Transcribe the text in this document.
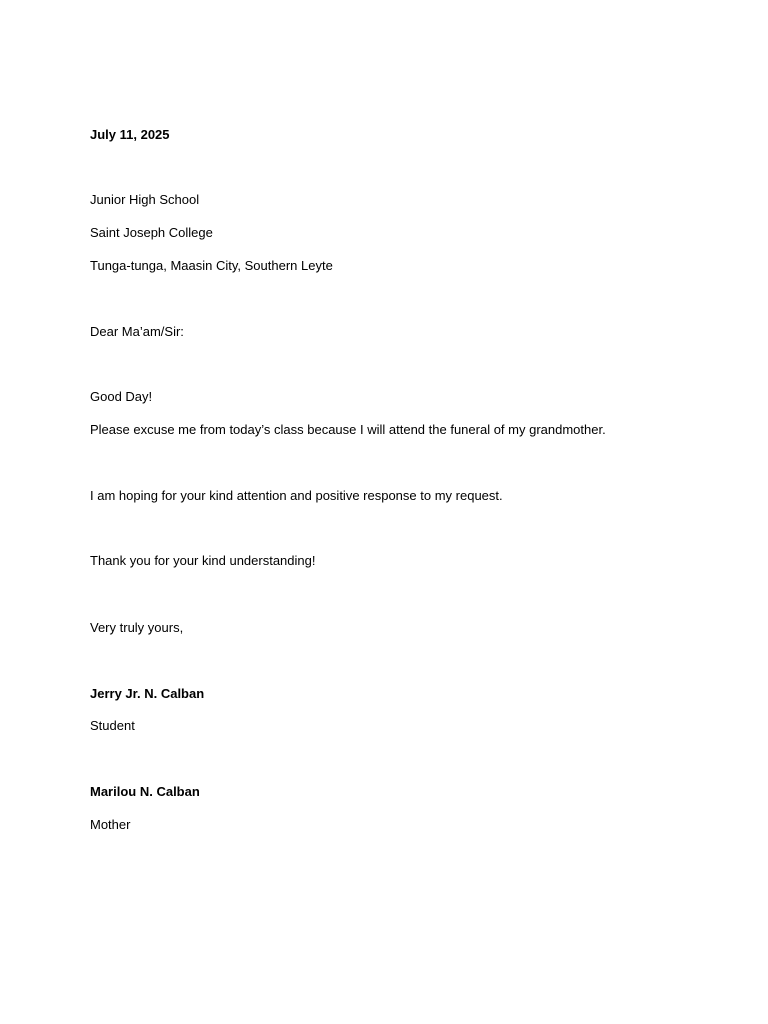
July 11, 2025
Junior High School
Saint Joseph College
Tunga-tunga, Maasin City, Southern Leyte
Dear Ma’am/Sir:
Good Day!
Please excuse me from today’s class because I will attend the funeral of my grandmother.
I am hoping for your kind attention and positive response to my request.
Thank you for your kind understanding!
Very truly yours,
Jerry Jr. N. Calban
Student
Marilou N. Calban
Mother
